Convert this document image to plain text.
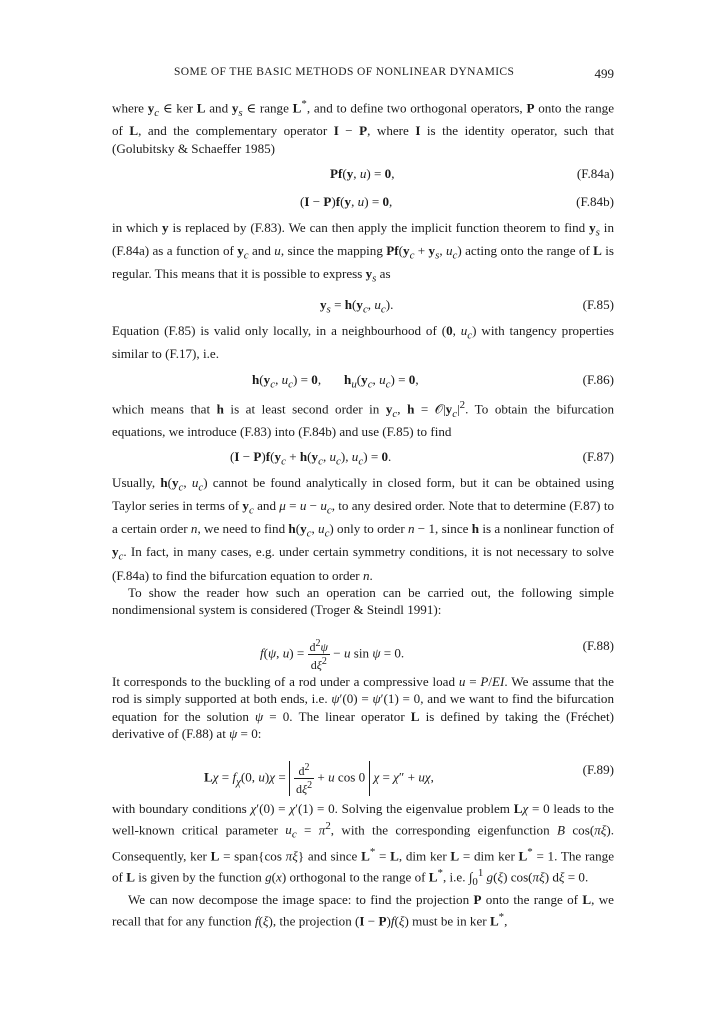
SOME OF THE BASIC METHODS OF NONLINEAR DYNAMICS	499

where $y_c$ ∈ ker L and $y_s$ ∈ range L*, and to define two orthogonal operators, P onto the range of L, and the complementary operator I − P, where I is the identity operator, such that (Golubitsky & Schaeffer 1985)

Pf(y, u) = 0,	(F.84a)
(I − P)f(y, u) = 0,	(F.84b)

in which y is replaced by (F.83). We can then apply the implicit function theorem to find $y_s$ in (F.84a) as a function of $y_c$ and u, since the mapping $Pf(y_c + y_s$, $u_c$) acting onto the range of L is regular. This means that it is possible to express $y_s$ as

$y_s = h(y_c$, $u_c$).	(F.85)

Equation (F.85) is valid only locally, in a neighbourhood of (0, $u_c$) with tangency properties similar to (F.17), i.e.

$h(y_c$, $u_c) = 0$,       $h_u(y_c$, $u_c) = 0$,	(F.86)

which means that h is at least second order in $y_c$, $h = 𝒪|y_c|^2$. To obtain the bifurcation equations, we introduce (F.83) into (F.84b) and use (F.85) to find

$(I - P)f(y_c + h(y_c$, $u_c$), $u_c) = 0$.	(F.87)

Usually, $h(y_c$, $u_c$) cannot be found analytically in closed form, but it can be obtained using Taylor series in terms of $y_c$ and $\mu = u - u_c$, to any desired order. Note that to determine (F.87) to a certain order n, we need to find $h(y_c$, $u_c$) only to order n − 1, since h is a nonlinear function of $y_c$. In fact, in many cases, e.g. under certain symmetry conditions, it is not necessary to solve (F.84a) to find the bifurcation equation to order n.

To show the reader how such an operation can be carried out, the following simple nondimensional system is considered (Troger & Steindl 1991):

f(ψ, $u) = \frac{d^2\psi}{d\xi^2} - u$ sin ψ = 0.	(F.88)

It corresponds to the buckling of a rod under a compressive load u = P/EI. We assume that the rod is simply supported at both ends, i.e. ψ′(0) = ψ′(1) = 0, and we want to find the bifurcation equation for the solution ψ = 0. The linear operator L is defined by taking the (Fréchet) derivative of (F.88) at ψ = 0:

$L\chi = f_\chi(0$, $u)\chi = \frac{d^2}{d\xi^2} + u$ cos 0 χ = χ″ + uχ,	(F.89)

with boundary conditions χ′(0) = χ′(1) = 0. Solving the eigenvalue problem Lχ = 0 leads to the well-known critical parameter $u_c = \pi^2$, with the corresponding eigenfunction B cos(πξ). Consequently, ker L = span{cos πξ} and since L* = L, dim ker L = dim ker L* = 1. The range of L is given by the function g(x) orthogonal to the range of L*, i.e. $\int_0^1$ g(ξ) cos(πξ) dξ = 0.

We can now decompose the image space: to find the projection P onto the range of L, we recall that for any function f(ξ), the projection (I − P)f(ξ) must be in ker L*,
